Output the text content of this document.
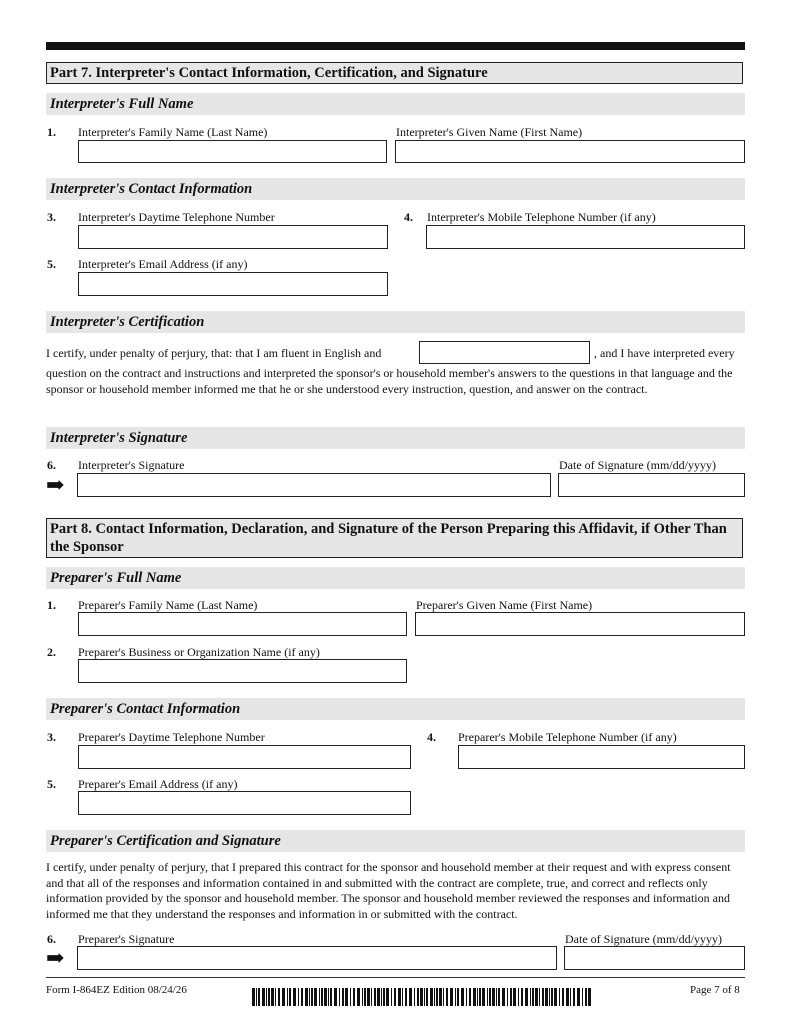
Part 7. Interpreter's Contact Information, Certification, and Signature
Interpreter's Full Name
1. Interpreter's Family Name (Last Name)	Interpreter's Given Name (First Name)
Interpreter's Contact Information
3. Interpreter's Daytime Telephone Number	4. Interpreter's Mobile Telephone Number (if any)
5. Interpreter's Email Address (if any)
Interpreter's Certification
I certify, under penalty of perjury, that: that I am fluent in English and	, and I have interpreted every
question on the contract and instructions and interpreted the sponsor's or household member's answers to the questions in that language and the sponsor or household member informed me that he or she understood every instruction, question, and answer on the contract.
Interpreter's Signature
6. Interpreter's Signature	Date of Signature (mm/dd/yyyy)
➡
Part 8. Contact Information, Declaration, and Signature of the Person Preparing this Affidavit, if Other Than the Sponsor
Preparer's Full Name
1. Preparer's Family Name (Last Name)	Preparer's Given Name (First Name)
2. Preparer's Business or Organization Name (if any)
Preparer's Contact Information
3. Preparer's Daytime Telephone Number	4. Preparer's Mobile Telephone Number (if any)
5. Preparer's Email Address (if any)
Preparer's Certification and Signature
I certify, under penalty of perjury, that I prepared this contract for the sponsor and household member at their request and with express consent and that all of the responses and information contained in and submitted with the contract are complete, true, and correct and reflects only information provided by the sponsor and household member. The sponsor and household member reviewed the responses and information and informed me that they understand the responses and information in or submitted with the contract.
6. Preparer's Signature	Date of Signature (mm/dd/yyyy)
➡
Form I-864EZ Edition 08/24/26	Page 7 of 8
